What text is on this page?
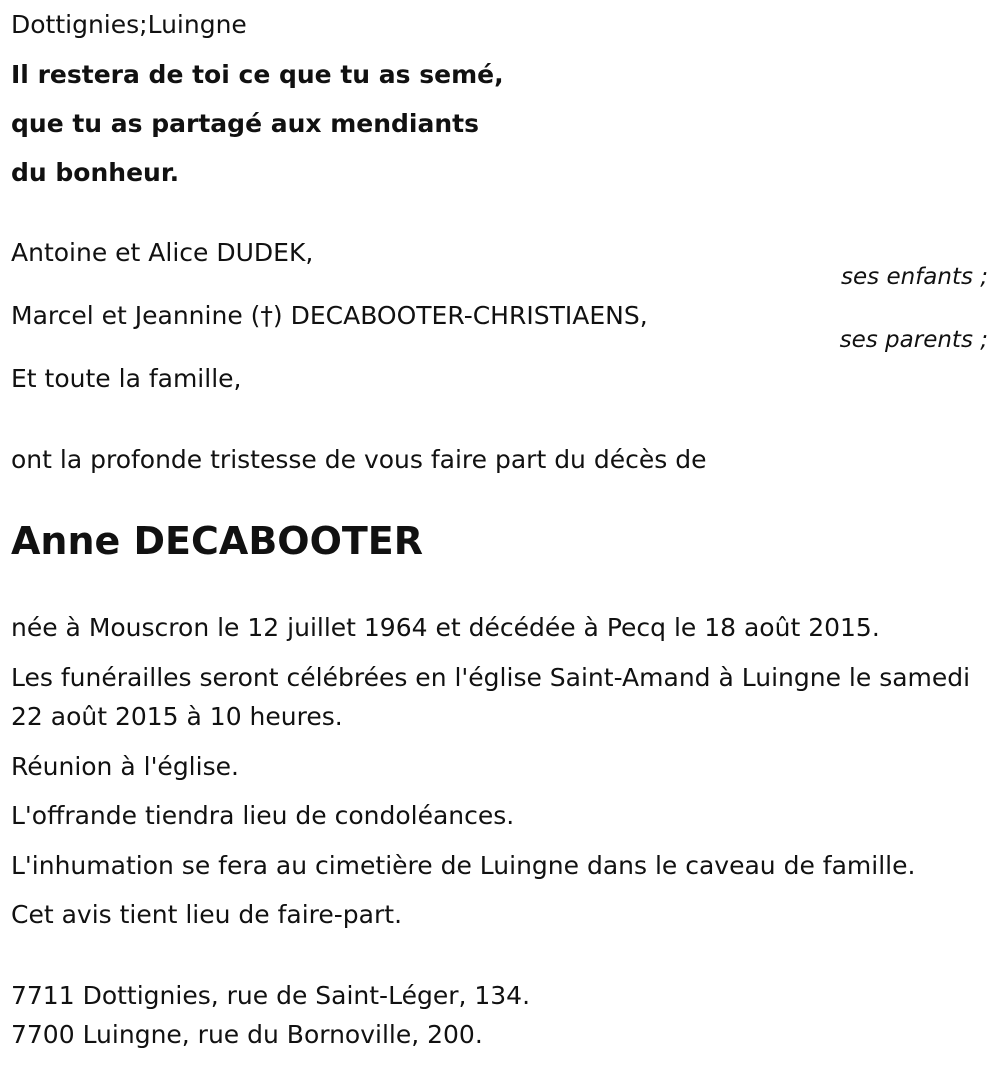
Dottignies;Luingne
Il restera de toi ce que tu as semé,
que tu as partagé aux mendiants
du bonheur.
Antoine et Alice DUDEK,
ses enfants ;
Marcel et Jeannine (†) DECABOOTER-CHRISTIAENS,
ses parents ;
Et toute la famille,
ont la profonde tristesse de vous faire part du décès de
Anne DECABOOTER
née à Mouscron le 12 juillet 1964 et décédée à Pecq le 18 août 2015.
Les funérailles seront célébrées en l'église Saint-Amand à Luingne le samedi 22 août 2015 à 10 heures.
Réunion à l'église.
L'offrande tiendra lieu de condoléances.
L'inhumation se fera au cimetière de Luingne dans le caveau de famille.
Cet avis tient lieu de faire-part.
7711 Dottignies, rue de Saint-Léger, 134.
7700 Luingne, rue du Bornoville, 200.
